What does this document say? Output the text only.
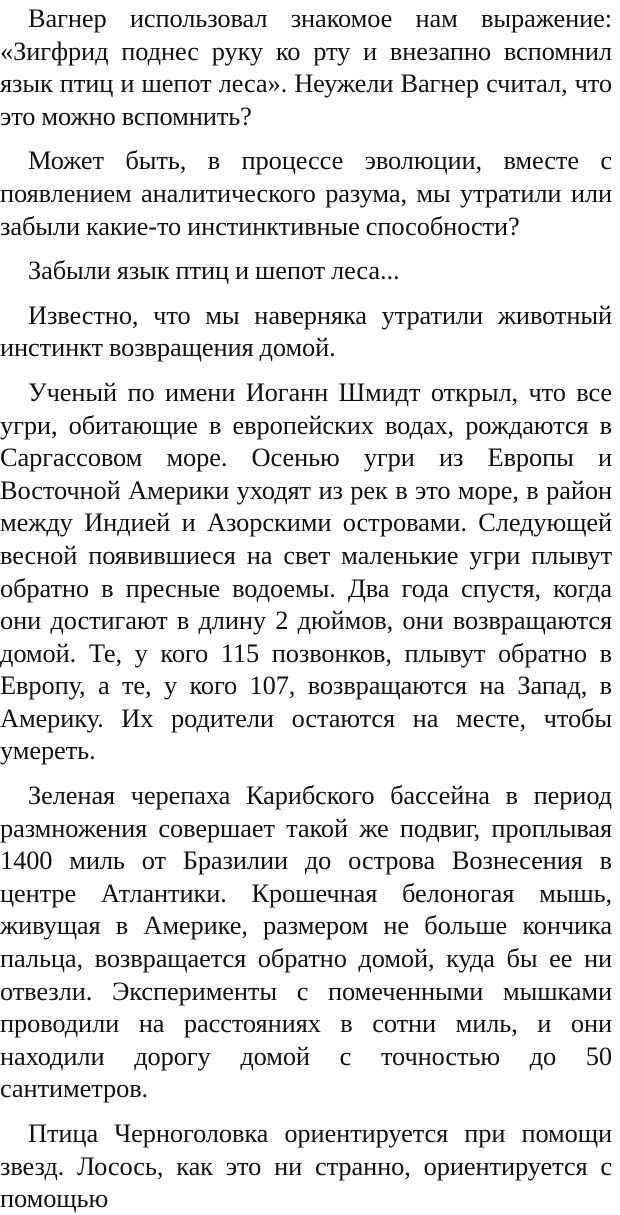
Вагнер использовал знакомое нам выражение: «Зигфрид поднес руку ко рту и внезапно вспомнил язык птиц и шепот леса». Неужели Вагнер считал, что это можно вспомнить?

Может быть, в процессе эволюции, вместе с появлением аналитического разума, мы утратили или забыли какие-то инстинктивные способности?

Забыли язык птиц и шепот леса...

Известно, что мы наверняка утратили животный инстинкт возвращения домой.

Ученый по имени Иоганн Шмидт открыл, что все угри, обитающие в европейских водах, рождаются в Саргассовом море. Осенью угри из Европы и Восточной Америки уходят из рек в это море, в район между Индией и Азорскими островами. Следующей весной появившиеся на свет маленькие угри плывут обратно в пресные водоемы. Два года спустя, когда они достигают в длину 2 дюймов, они возвращаются домой. Те, у кого 115 позвонков, плывут обратно в Европу, а те, у кого 107, возвращаются на Запад, в Америку. Их родители остаются на месте, чтобы умереть.

Зеленая черепаха Карибского бассейна в период размножения совершает такой же подвиг, проплывая 1400 миль от Бразилии до острова Вознесения в центре Атлантики. Крошечная белоногая мышь, живущая в Америке, размером не больше кончика пальца, возвращается обратно домой, куда бы ее ни отвезли. Эксперименты с помеченными мышками проводили на расстояниях в сотни миль, и они находили дорогу домой с точностью до 50 сантиметров.

Птица Черноголовка ориентируется при помощи звезд. Лосось, как это ни странно, ориентируется с помощью
